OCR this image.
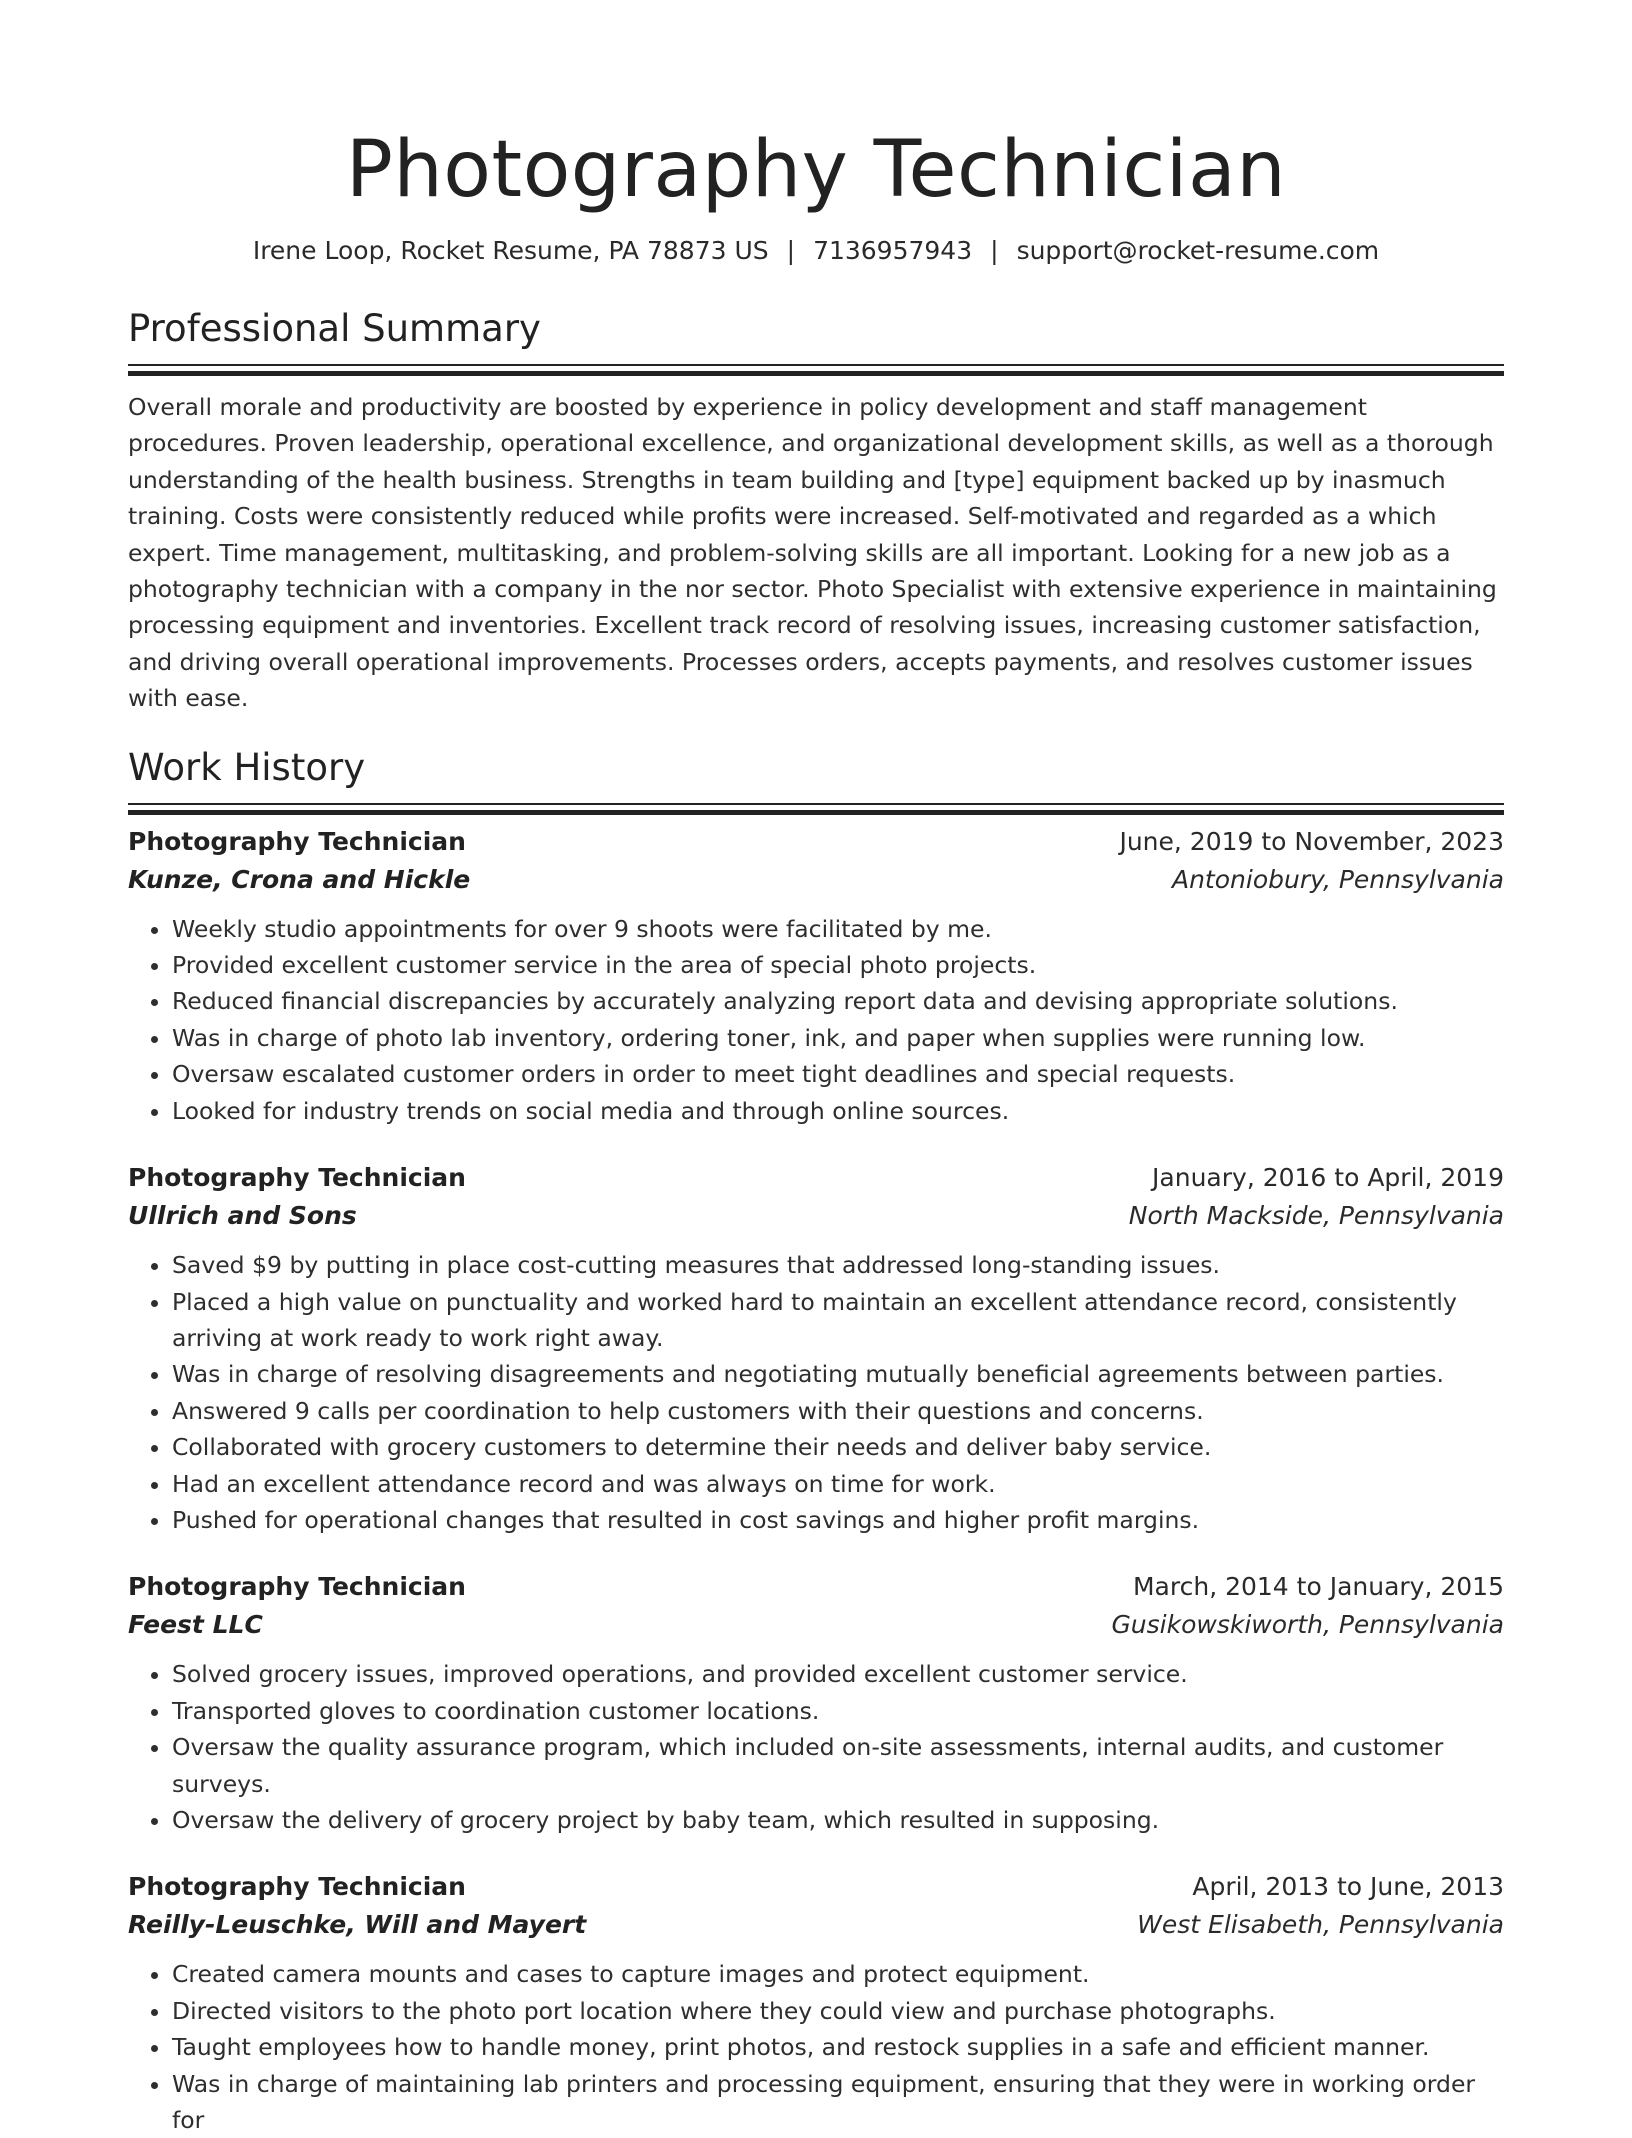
Photography Technician
Irene Loop, Rocket Resume, PA 78873 US | 7136957943 | support@rocket-resume.com
Professional Summary

Overall morale and productivity are boosted by experience in policy development and staff management procedures. Proven leadership, operational excellence, and organizational development skills, as well as a thorough understanding of the health business. Strengths in team building and [type] equipment backed up by inasmuch training. Costs were consistently reduced while profits were increased. Self-motivated and regarded as a which expert. Time management, multitasking, and problem-solving skills are all important. Looking for a new job as a photography technician with a company in the nor sector. Photo Specialist with extensive experience in maintaining processing equipment and inventories. Excellent track record of resolving issues, increasing customer satisfaction, and driving overall operational improvements. Processes orders, accepts payments, and resolves customer issues with ease.

Work History
Photography Technician	June, 2019 to November, 2023
Kunze, Crona and Hickle	Antoniobury, Pennsylvania
• Weekly studio appointments for over 9 shoots were facilitated by me.
• Provided excellent customer service in the area of special photo projects.
• Reduced financial discrepancies by accurately analyzing report data and devising appropriate solutions.
• Was in charge of photo lab inventory, ordering toner, ink, and paper when supplies were running low.
• Oversaw escalated customer orders in order to meet tight deadlines and special requests.
• Looked for industry trends on social media and through online sources.
Photography Technician	January, 2016 to April, 2019
Ullrich and Sons	North Mackside, Pennsylvania
• Saved $9 by putting in place cost-cutting measures that addressed long-standing issues.
• Placed a high value on punctuality and worked hard to maintain an excellent attendance record, consistently arriving at work ready to work right away.
• Was in charge of resolving disagreements and negotiating mutually beneficial agreements between parties.
• Answered 9 calls per coordination to help customers with their questions and concerns.
• Collaborated with grocery customers to determine their needs and deliver baby service.
• Had an excellent attendance record and was always on time for work.
• Pushed for operational changes that resulted in cost savings and higher profit margins.
Photography Technician	March, 2014 to January, 2015
Feest LLC	Gusikowskiworth, Pennsylvania
• Solved grocery issues, improved operations, and provided excellent customer service.
• Transported gloves to coordination customer locations.
• Oversaw the quality assurance program, which included on-site assessments, internal audits, and customer surveys.
• Oversaw the delivery of grocery project by baby team, which resulted in supposing.
Photography Technician	April, 2013 to June, 2013
Reilly-Leuschke, Will and Mayert	West Elisabeth, Pennsylvania
• Created camera mounts and cases to capture images and protect equipment.
• Directed visitors to the photo port location where they could view and purchase photographs.
• Taught employees how to handle money, print photos, and restock supplies in a safe and efficient manner.
• Was in charge of maintaining lab printers and processing equipment, ensuring that they were in working order for
